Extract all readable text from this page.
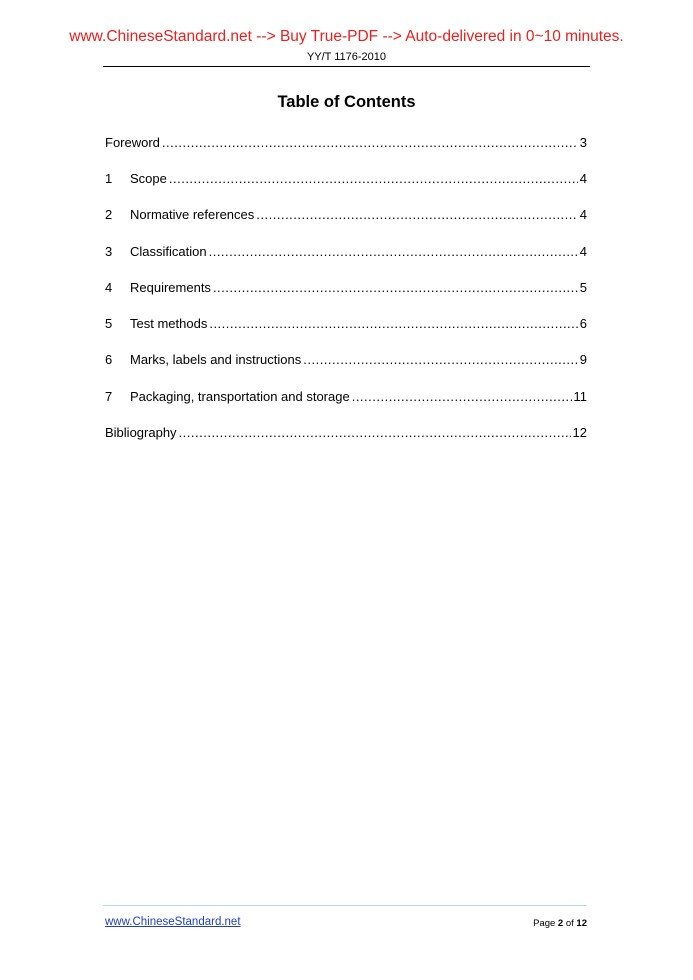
www.ChineseStandard.net --> Buy True-PDF --> Auto-delivered in 0~10 minutes.
YY/T 1176-2010
Table of Contents
Foreword .....	3
1	Scope .....	4
2	Normative references .....	4
3	Classification .....	4
4	Requirements .....	5
5	Test methods .....	6
6	Marks, labels and instructions .....	9
7	Packaging, transportation and storage .....	11
Bibliography .....	12
www.ChineseStandard.net	Page 2 of 12
